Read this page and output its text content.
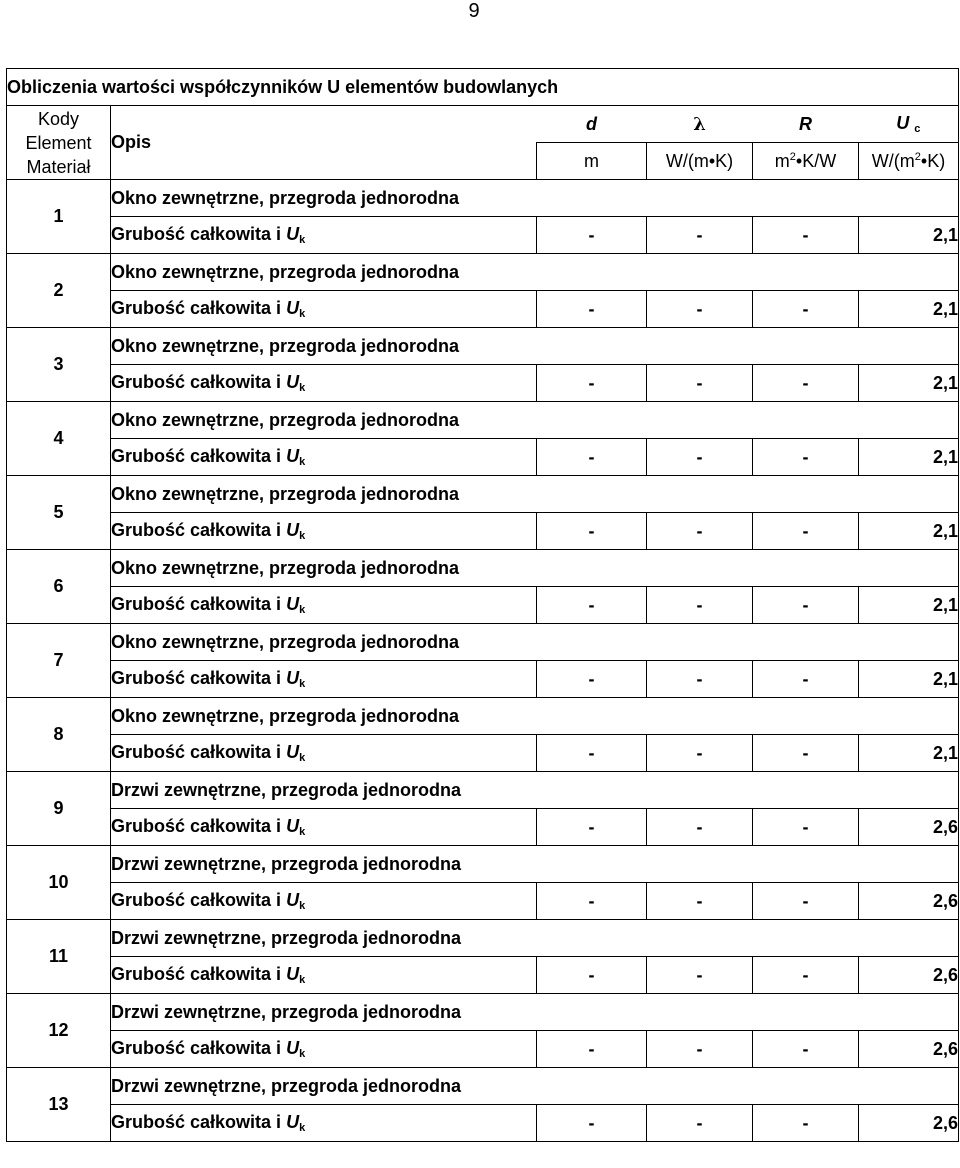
9
Obliczenia wartości współczynników U elementów budowlanych					

Kody
Element
Materiał	Opis	d	λ	R	U $_c$
		m	W/(m•K)	$m^2•K/W$	$W/(m^2•K)$
1	Okno zewnętrzne, przegroda jednorodna				
	Grubość całkowita i $U_k$	-	-	-	2,1
2	Okno zewnętrzne, przegroda jednorodna				
	Grubość całkowita i $U_k$	-	-	-	2,1
3	Okno zewnętrzne, przegroda jednorodna				
	Grubość całkowita i $U_k$	-	-	-	2,1
4	Okno zewnętrzne, przegroda jednorodna				
	Grubość całkowita i $U_k$	-	-	-	2,1
5	Okno zewnętrzne, przegroda jednorodna				
	Grubość całkowita i $U_k$	-	-	-	2,1
6	Okno zewnętrzne, przegroda jednorodna				
	Grubość całkowita i $U_k$	-	-	-	2,1
7	Okno zewnętrzne, przegroda jednorodna				
	Grubość całkowita i $U_k$	-	-	-	2,1
8	Okno zewnętrzne, przegroda jednorodna				
	Grubość całkowita i $U_k$	-	-	-	2,1
9	Drzwi zewnętrzne, przegroda jednorodna				
	Grubość całkowita i $U_k$	-	-	-	2,6
10	Drzwi zewnętrzne, przegroda jednorodna				
	Grubość całkowita i $U_k$	-	-	-	2,6
11	Drzwi zewnętrzne, przegroda jednorodna				
	Grubość całkowita i $U_k$	-	-	-	2,6
12	Drzwi zewnętrzne, przegroda jednorodna				
	Grubość całkowita i $U_k$	-	-	-	2,6
13	Drzwi zewnętrzne, przegroda jednorodna				
	Grubość całkowita i $U_k$	-	-	-	2,6
